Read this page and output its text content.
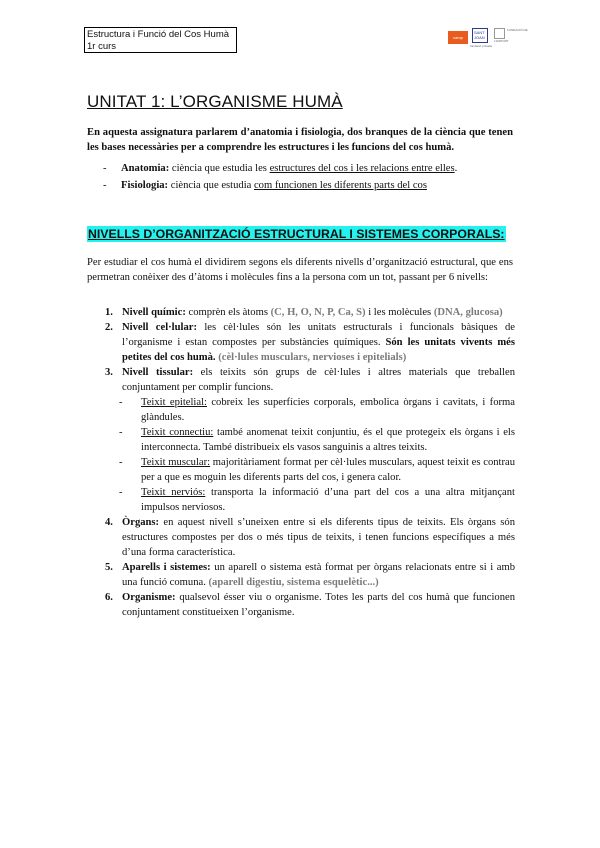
Estructura i Funció del Cos Humà
1r curs
camp
SANT JOAN
fundació privada
FUNDACIÓ DE L'ESPORT
UNITAT 1: L’ORGANISME HUMÀ
En aquesta assignatura parlarem d’anatomia i fisiologia, dos branques de la ciència que tenen les bases necessàries per a comprendre les estructures i les funcions del cos humà.
- Anatomia: ciència que estudia les estructures del cos i les relacions entre elles.
- Fisiologia: ciència que estudia com funcionen les diferents parts del cos
NIVELLS D’ORGANITZACIÓ ESTRUCTURAL I SISTEMES CORPORALS:
Per estudiar el cos humà el dividirem segons els diferents nivells d’organització estructural, que ens permetran conèixer des d’àtoms i molècules fins a la persona com un tot, passant per 6 nivells:
1. Nivell químic: comprèn els àtoms (C, H, O, N, P, Ca, S) i les molècules (DNA, glucosa)
2. Nivell cel·lular: les cèl·lules són les unitats estructurals i funcionals bàsiques de l’organisme i estan compostes per substàncies químiques. Són les unitats vivents més petites del cos humà. (cèl·lules musculars, nervioses i epitelials)
3. Nivell tissular: els teixits són grups de cèl·lules i altres materials que treballen conjuntament per complir funcions.
- Teixit epitelial: cobreix les superfícies corporals, embolica òrgans i cavitats, i forma glàndules.
- Teixit connectiu: també anomenat teixit conjuntiu, és el que protegeix els òrgans i els interconnecta. També distribueix els vasos sanguinis a altres teixits.
- Teixit muscular: majoritàriament format per cèl·lules musculars, aquest teixit es contrau per a que es moguin les diferents parts del cos, i genera calor.
- Teixit nerviós: transporta la informació d’una part del cos a una altra mitjançant impulsos nerviosos.
4. Òrgans: en aquest nivell s’uneixen entre si els diferents tipus de teixits. Els òrgans són estructures compostes per dos o més tipus de teixits, i tenen funcions específiques a més d’una forma característica.
5. Aparells i sistemes: un aparell o sistema està format per òrgans relacionats entre si i amb una funció comuna. (aparell digestiu, sistema esquelètic...)
6. Organisme: qualsevol ésser viu o organisme. Totes les parts del cos humà que funcionen conjuntament constitueixen l’organisme.
